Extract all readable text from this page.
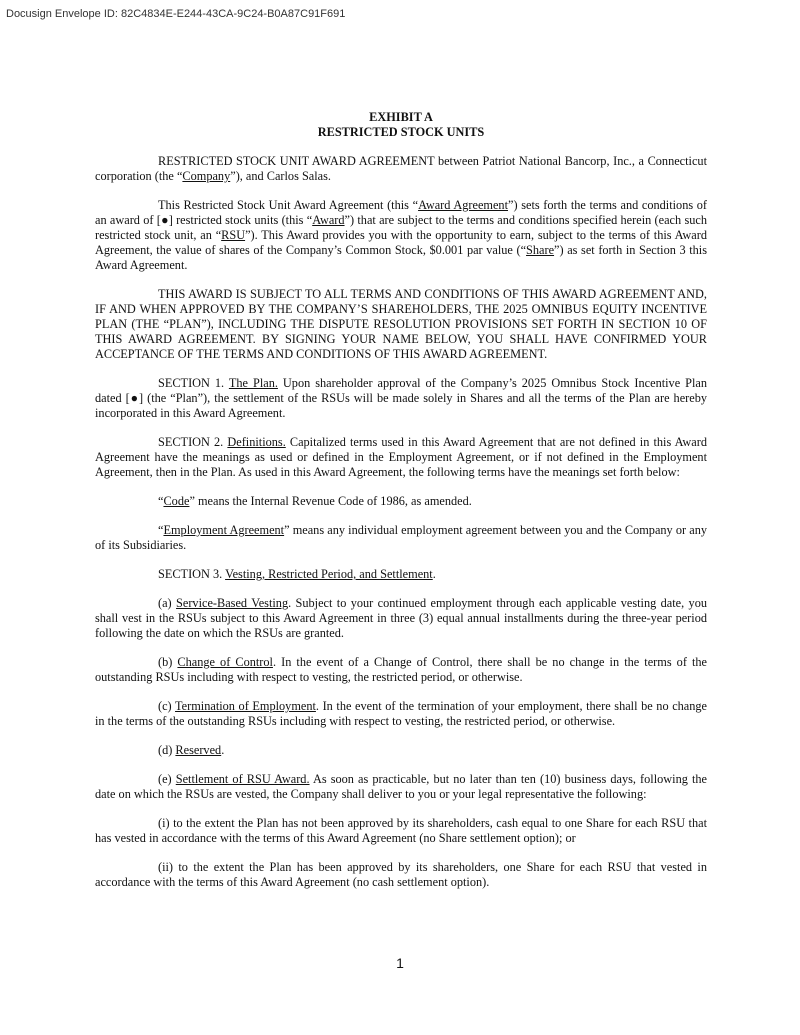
Docusign Envelope ID: 82C4834E-E244-43CA-9C24-B0A87C91F691

EXHIBIT A

RESTRICTED STOCK UNITS

RESTRICTED STOCK UNIT AWARD AGREEMENT between Patriot National Bancorp, Inc., a Connecticut corporation (the “Company”), and Carlos Salas.

This Restricted Stock Unit Award Agreement (this “Award Agreement”) sets forth the terms and conditions of an award of [●] restricted stock units (this “Award”) that are subject to the terms and conditions specified herein (each such restricted stock unit, an “RSU”). This Award provides you with the opportunity to earn, subject to the terms of this Award Agreement, the value of shares of the Company’s Common Stock, $0.001 par value (“Share”) as set forth in Section 3 this Award Agreement.

THIS AWARD IS SUBJECT TO ALL TERMS AND CONDITIONS OF THIS AWARD AGREEMENT AND, IF AND WHEN APPROVED BY THE COMPANY’S SHAREHOLDERS, THE 2025 OMNIBUS EQUITY INCENTIVE PLAN (THE “PLAN”), INCLUDING THE DISPUTE RESOLUTION PROVISIONS SET FORTH IN SECTION 10 OF THIS AWARD AGREEMENT. BY SIGNING YOUR NAME BELOW, YOU SHALL HAVE CONFIRMED YOUR ACCEPTANCE OF THE TERMS AND CONDITIONS OF THIS AWARD AGREEMENT.

SECTION 1. The Plan. Upon shareholder approval of the Company’s 2025 Omnibus Stock Incentive Plan dated [●] (the “Plan”), the settlement of the RSUs will be made solely in Shares and all the terms of the Plan are hereby incorporated in this Award Agreement.

SECTION 2. Definitions. Capitalized terms used in this Award Agreement that are not defined in this Award Agreement have the meanings as used or defined in the Employment Agreement, or if not defined in the Employment Agreement, then in the Plan. As used in this Award Agreement, the following terms have the meanings set forth below:

“Code” means the Internal Revenue Code of 1986, as amended.

“Employment Agreement” means any individual employment agreement between you and the Company or any of its Subsidiaries.

SECTION 3. Vesting, Restricted Period, and Settlement.

(a) Service-Based Vesting. Subject to your continued employment through each applicable vesting date, you shall vest in the RSUs subject to this Award Agreement in three (3) equal annual installments during the three-year period following the date on which the RSUs are granted.

(b) Change of Control. In the event of a Change of Control, there shall be no change in the terms of the outstanding RSUs including with respect to vesting, the restricted period, or otherwise.

(c) Termination of Employment. In the event of the termination of your employment, there shall be no change in the terms of the outstanding RSUs including with respect to vesting, the restricted period, or otherwise.

(d) Reserved.

(e) Settlement of RSU Award. As soon as practicable, but no later than ten (10) business days, following the date on which the RSUs are vested, the Company shall deliver to you or your legal representative the following:

(i) to the extent the Plan has not been approved by its shareholders, cash equal to one Share for each RSU that has vested in accordance with the terms of this Award Agreement (no Share settlement option); or

(ii) to the extent the Plan has been approved by its shareholders, one Share for each RSU that vested in accordance with the terms of this Award Agreement (no cash settlement option).

1
